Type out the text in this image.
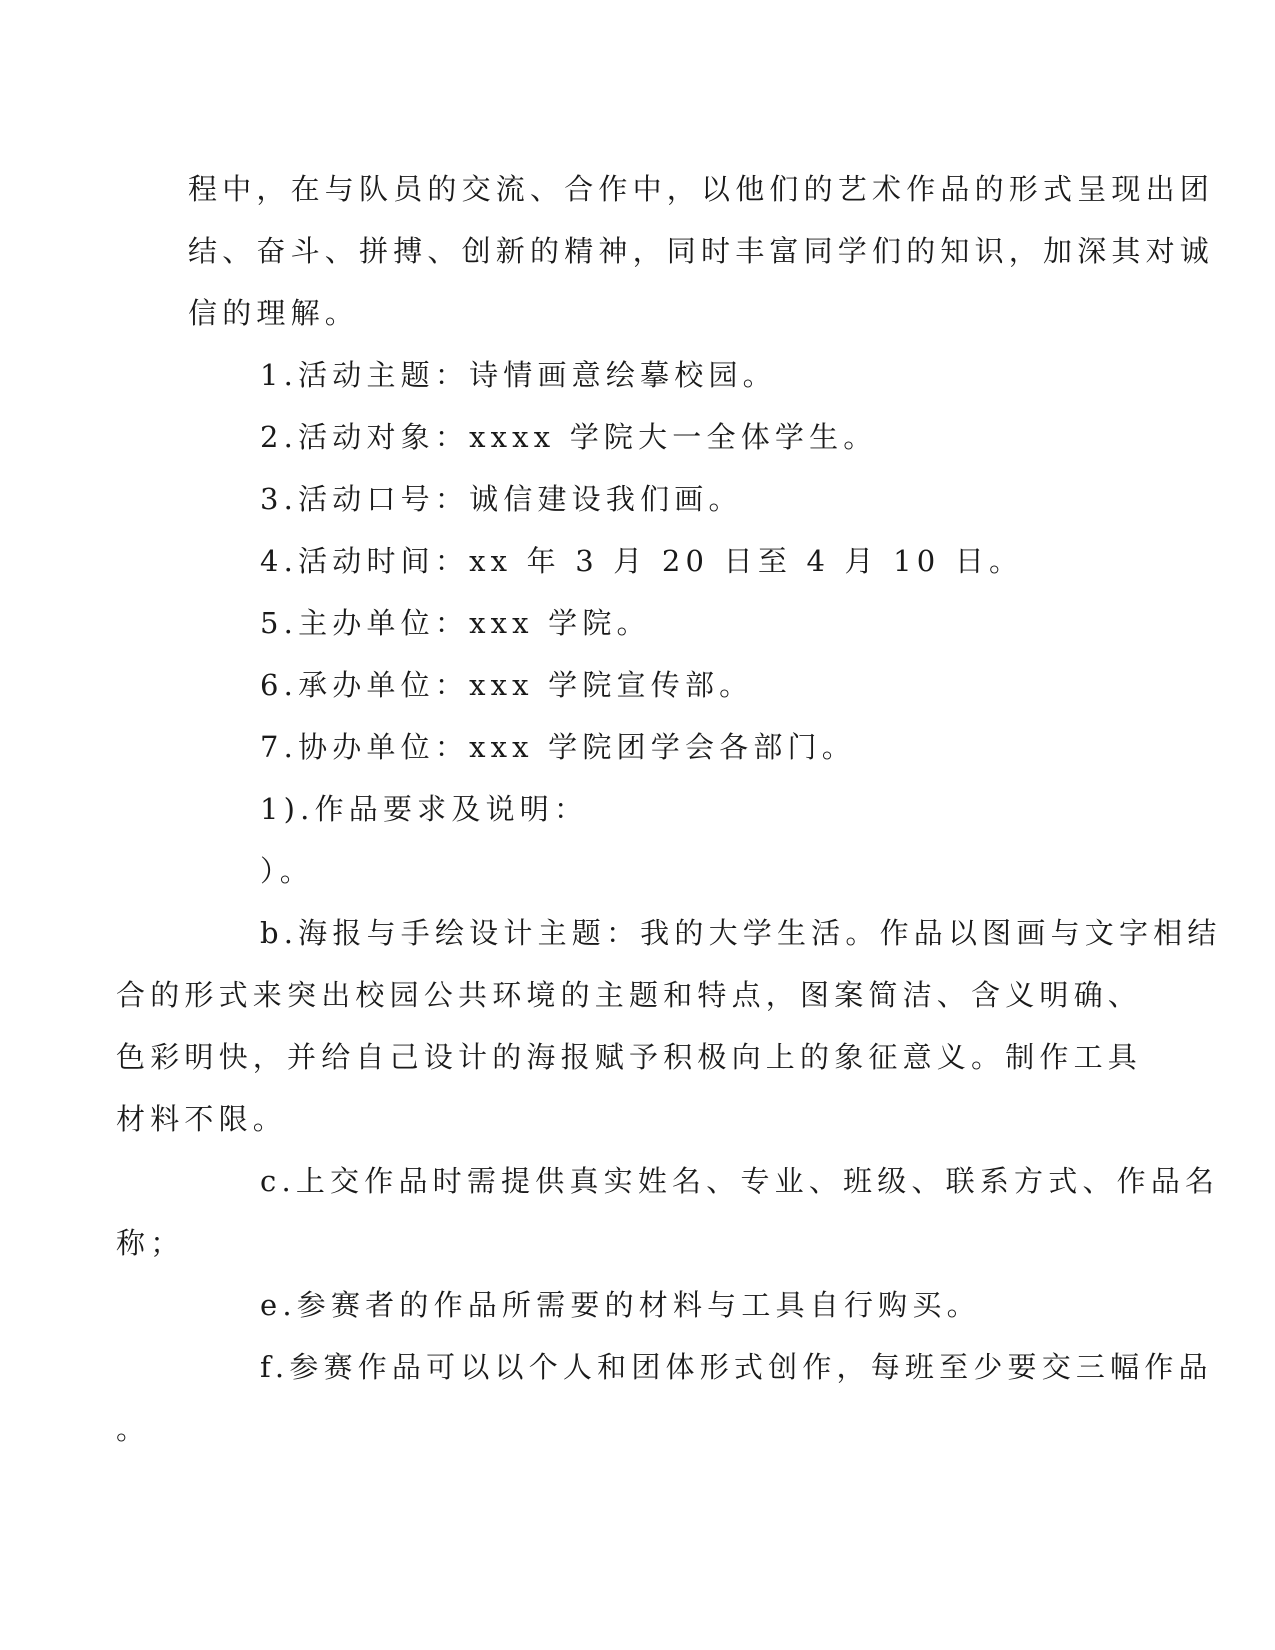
程中，在与队员的交流、合作中，以他们的艺术作品的形式呈现出团
结、奋斗、拼搏、创新的精神，同时丰富同学们的知识，加深其对诚
信的理解。

1.活动主题：诗情画意绘摹校园。

2.活动对象：xxxx 学院大一全体学生。

3.活动口号：诚信建设我们画。

4.活动时间：xx 年 3 月 20 日至 4 月 10 日。

5.主办单位：xxx 学院。

6.承办单位：xxx 学院宣传部。

7.协办单位：xxx 学院团学会各部门。

1).作品要求及说明：

）。

b.海报与手绘设计主题：我的大学生活。作品以图画与文字相结
合的形式来突出校园公共环境的主题和特点，图案简洁、含义明确、
色彩明快，并给自己设计的海报赋予积极向上的象征意义。制作工具
材料不限。

c.上交作品时需提供真实姓名、专业、班级、联系方式、作品名
称；

e.参赛者的作品所需要的材料与工具自行购买。

f.参赛作品可以以个人和团体形式创作，每班至少要交三幅作品
。
